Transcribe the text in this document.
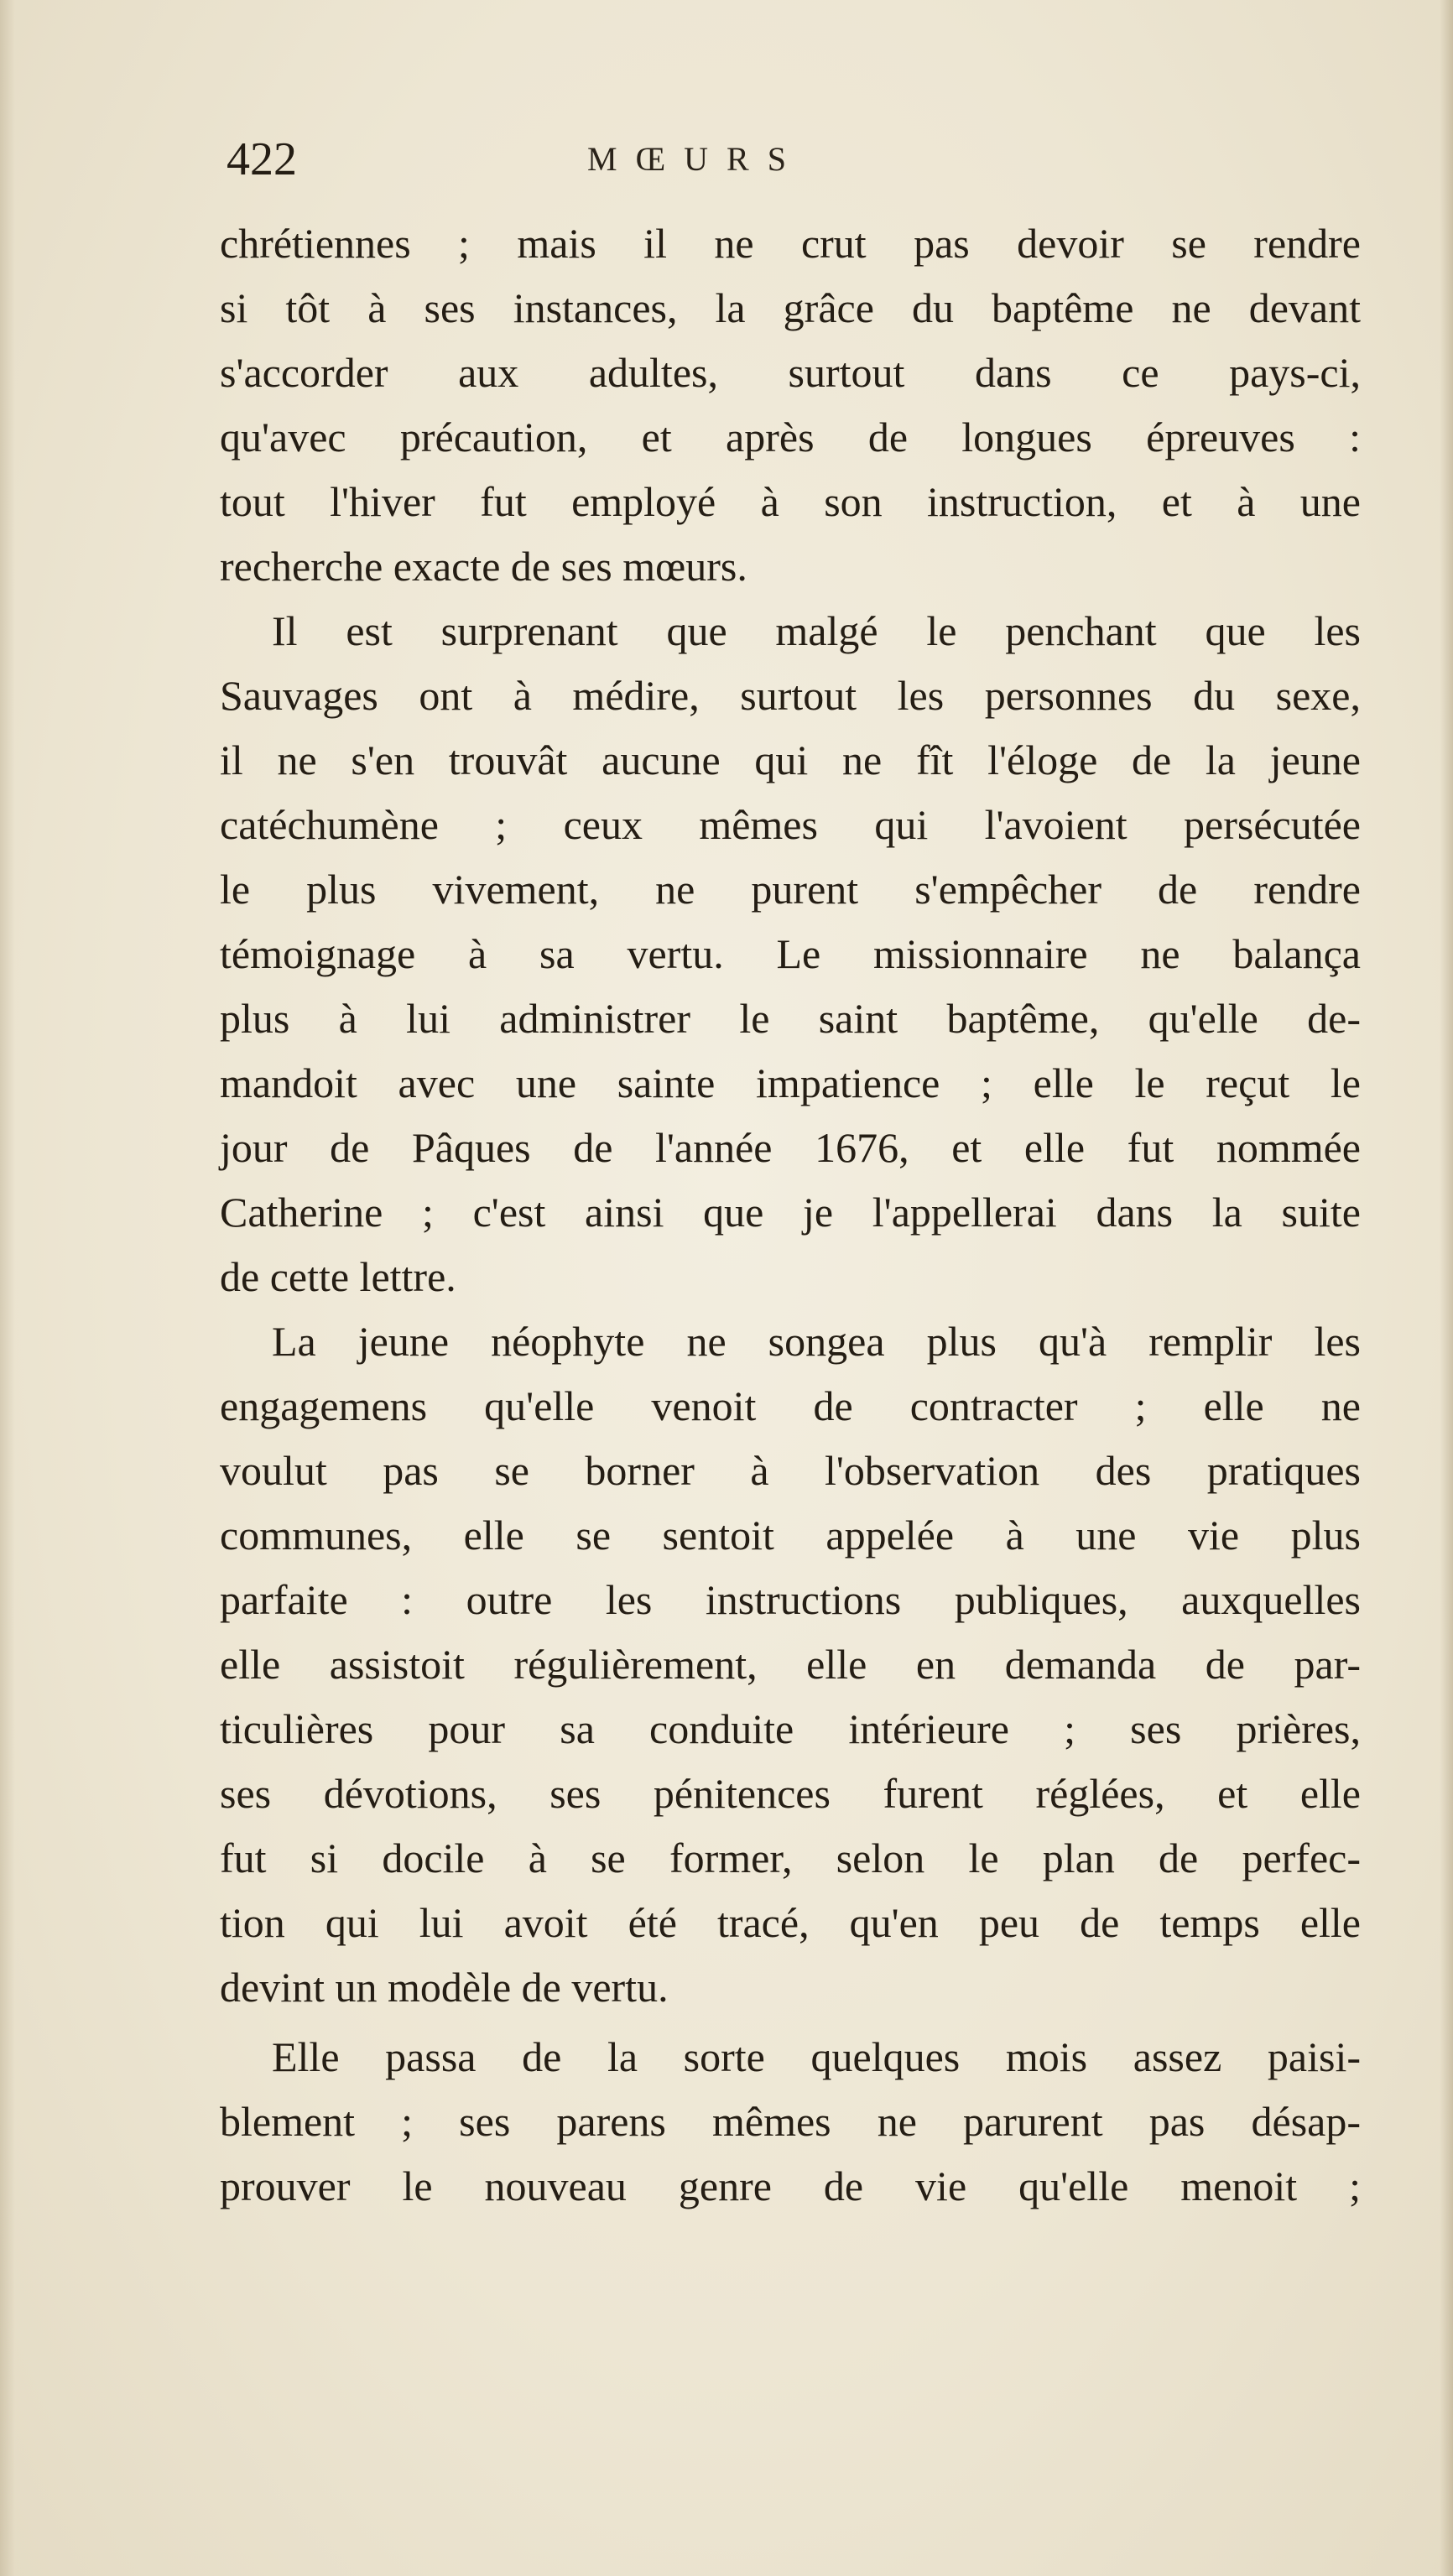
422	MŒURS
chrétiennes ; mais il ne crut pas devoir se rendre
si tôt à ses instances, la grâce du baptême ne devant
s'accorder aux adultes, surtout dans ce pays-ci,
qu'avec précaution, et après de longues épreuves :
tout l'hiver fut employé à son instruction, et à une
recherche exacte de ses mœurs.
Il est surprenant que malgé le penchant que les
Sauvages ont à médire, surtout les personnes du sexe,
il ne s'en trouvât aucune qui ne fît l'éloge de la jeune
catéchumène ; ceux mêmes qui l'avoient persécutée
le plus vivement, ne purent s'empêcher de rendre
témoignage à sa vertu. Le missionnaire ne balança
plus à lui administrer le saint baptême, qu'elle de-
mandoit avec une sainte impatience ; elle le reçut le
jour de Pâques de l'année 1676, et elle fut nommée
Catherine ; c'est ainsi que je l'appellerai dans la suite
de cette lettre.
La jeune néophyte ne songea plus qu'à remplir les
engagemens qu'elle venoit de contracter ; elle ne
voulut pas se borner à l'observation des pratiques
communes, elle se sentoit appelée à une vie plus
parfaite : outre les instructions publiques, auxquelles
elle assistoit régulièrement, elle en demanda de par-
ticulières pour sa conduite intérieure ; ses prières,
ses dévotions, ses pénitences furent réglées, et elle
fut si docile à se former, selon le plan de perfec-
tion qui lui avoit été tracé, qu'en peu de temps elle
devint un modèle de vertu.
Elle passa de la sorte quelques mois assez paisi-
blement ; ses parens mêmes ne parurent pas désap-
prouver le nouveau genre de vie qu'elle menoit ;
